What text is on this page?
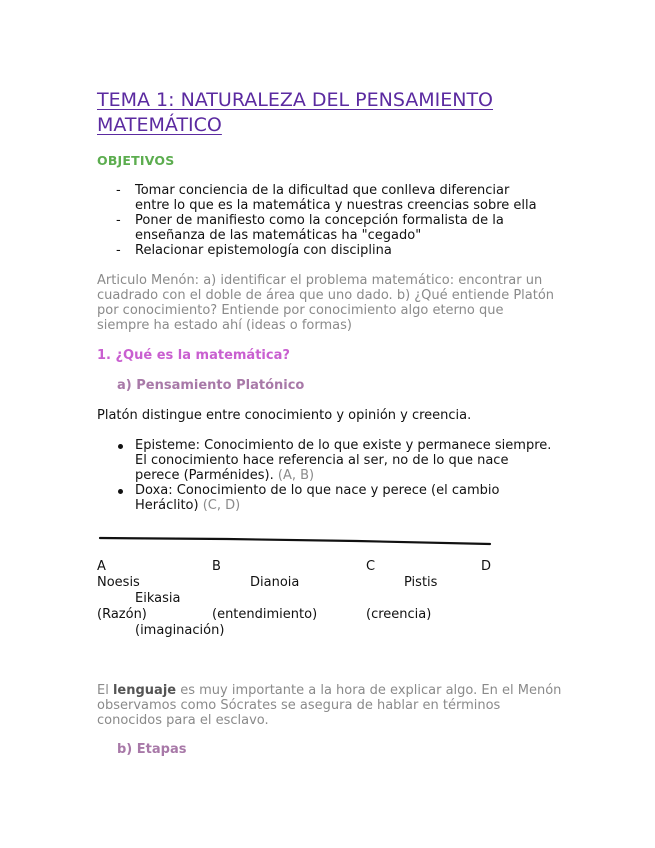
TEMA 1: NATURALEZA DEL PENSAMIENTO MATEMÁTICO
OBJETIVOS
- Tomar conciencia de la dificultad que conlleva diferenciar entre lo que es la matemática y nuestras creencias sobre ella
- Poner de manifiesto como la concepción formalista de la enseñanza de las matemáticas ha "cegado"
- Relacionar epistemología con disciplina
Articulo Menón: a) identificar el problema matemático: encontrar un cuadrado con el doble de área que uno dado. b) ¿Qué entiende Platón por conocimiento? Entiende por conocimiento algo eterno que siempre ha estado ahí (ideas o formas)
1. ¿Qué es la matemática?
a) Pensamiento Platónico
Platón distingue entre conocimiento y opinión y creencia.
Episteme: Conocimiento de lo que existe y permanece siempre. El conocimiento hace referencia al ser, no de lo que nace perece (Parménides). (A, B)
Doxa: Conocimiento de lo que nace y perece (el cambio Heráclito) (C, D)
A	B	C	D
Noesis	Dianoia	Pistis
Eikasia
(Razón)	(entendimiento)	(creencia)
(imaginación)
El lenguaje es muy importante a la hora de explicar algo. En el Menón observamos como Sócrates se asegura de hablar en términos conocidos para el esclavo.
b) Etapas
